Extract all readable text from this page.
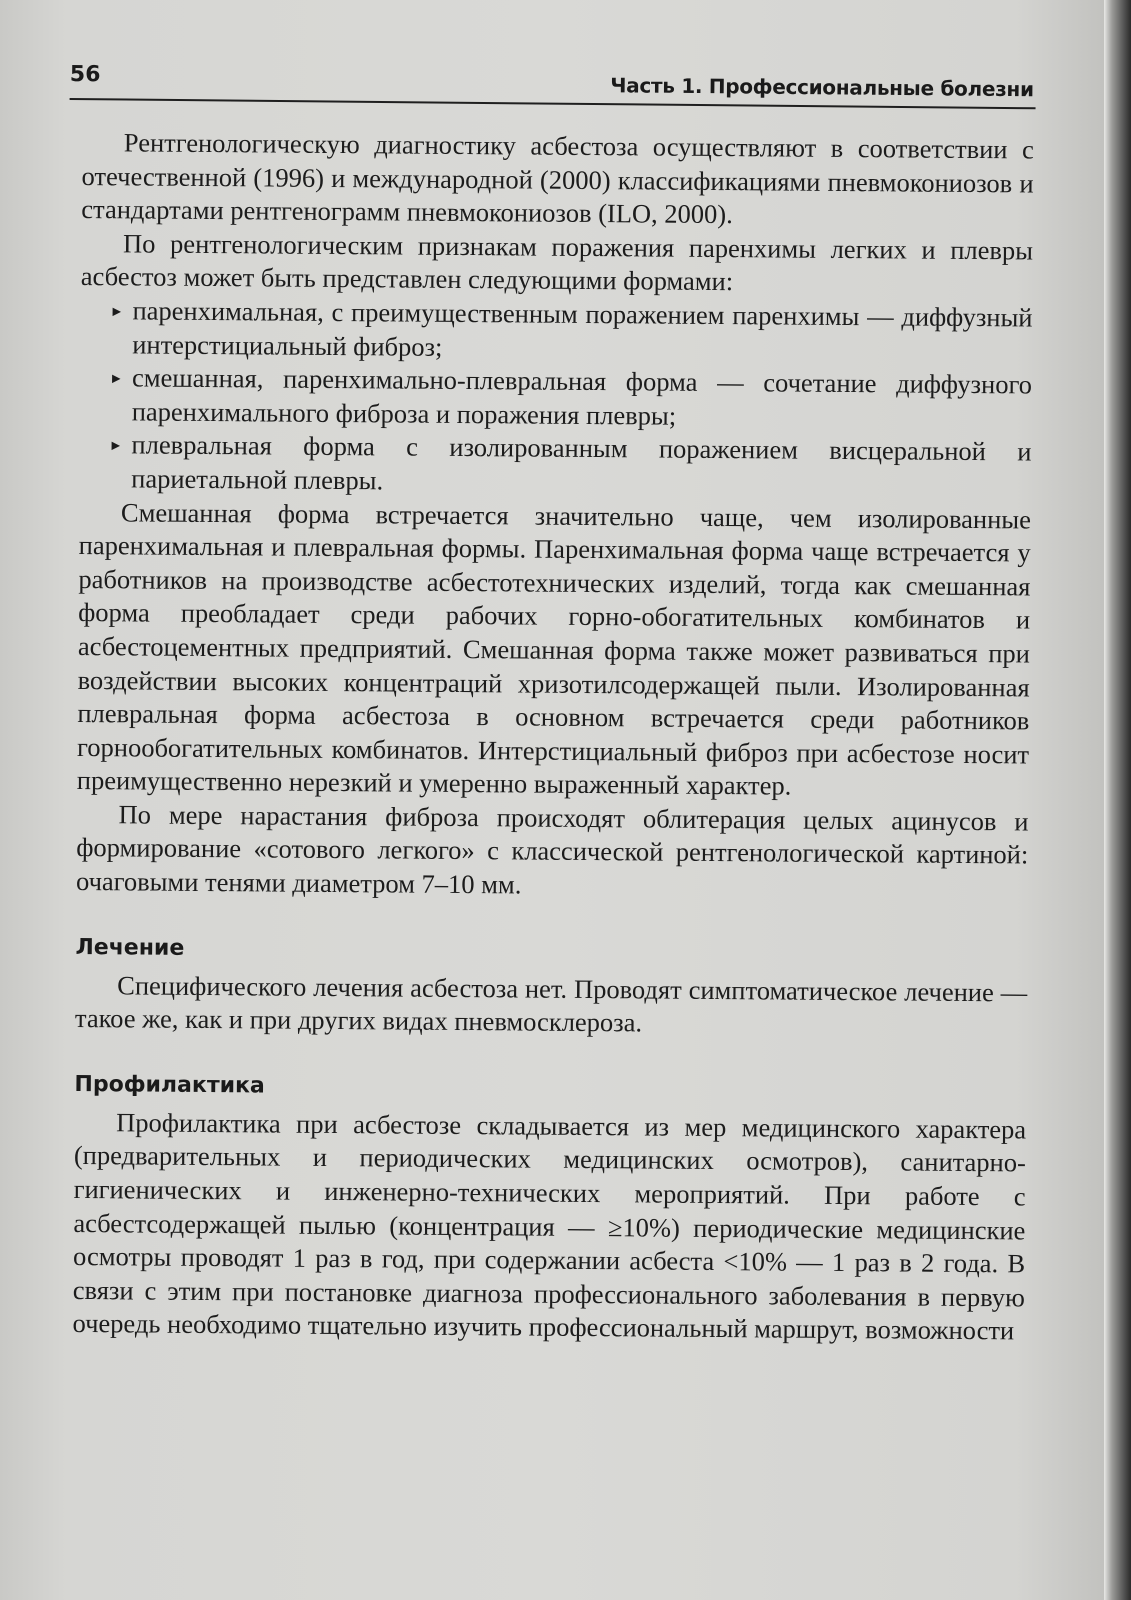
56	Часть 1. Профессиональные болезни

Рентгенологическую диагностику асбестоза осуществляют в соответствии с отечественной (1996) и международной (2000) классификациями пневмокониозов и стандартами рентгенограмм пневмокониозов (ILO, 2000).

По рентгенологическим признакам поражения паренхимы легких и плевры асбестоз может быть представлен следующими формами:

▸ паренхимальная, с преимущественным поражением паренхимы — диффузный интерстициальный фиброз;
▸ смешанная, паренхимально-плевральная форма — сочетание диффузного паренхимального фиброза и поражения плевры;
▸ плевральная форма с изолированным поражением висцеральной и париетальной плевры.

Смешанная форма встречается значительно чаще, чем изолированные паренхимальная и плевральная формы. Паренхимальная форма чаще встречается у работников на производстве асбестотехнических изделий, тогда как смешанная форма преобладает среди рабочих горно-обогатительных комбинатов и асбестоцементных предприятий. Смешанная форма также может развиваться при воздействии высоких концентраций хризотилсодержащей пыли. Изолированная плевральная форма асбестоза в основном встречается среди работников горнообогатительных комбинатов. Интерстициальный фиброз при асбестозе носит преимущественно нерезкий и умеренно выраженный характер.

По мере нарастания фиброза происходят облитерация целых ацинусов и формирование «сотового легкого» с классической рентгенологической картиной: очаговыми тенями диаметром 7–10 мм.

Лечение

Специфического лечения асбестоза нет. Проводят симптоматическое лечение — такое же, как и при других видах пневмосклероза.

Профилактика

Профилактика при асбестозе складывается из мер медицинского характера (предварительных и периодических медицинских осмотров), санитарно-гигиенических и инженерно-технических мероприятий. При работе с асбестсодержащей пылью (концентрация — ≥10%) периодические медицинские осмотры проводят 1 раз в год, при содержании асбеста <10% — 1 раз в 2 года. В связи с этим при постановке диагноза профессионального заболевания в первую очередь необходимо тщательно изучить профессиональный маршрут, возможности
